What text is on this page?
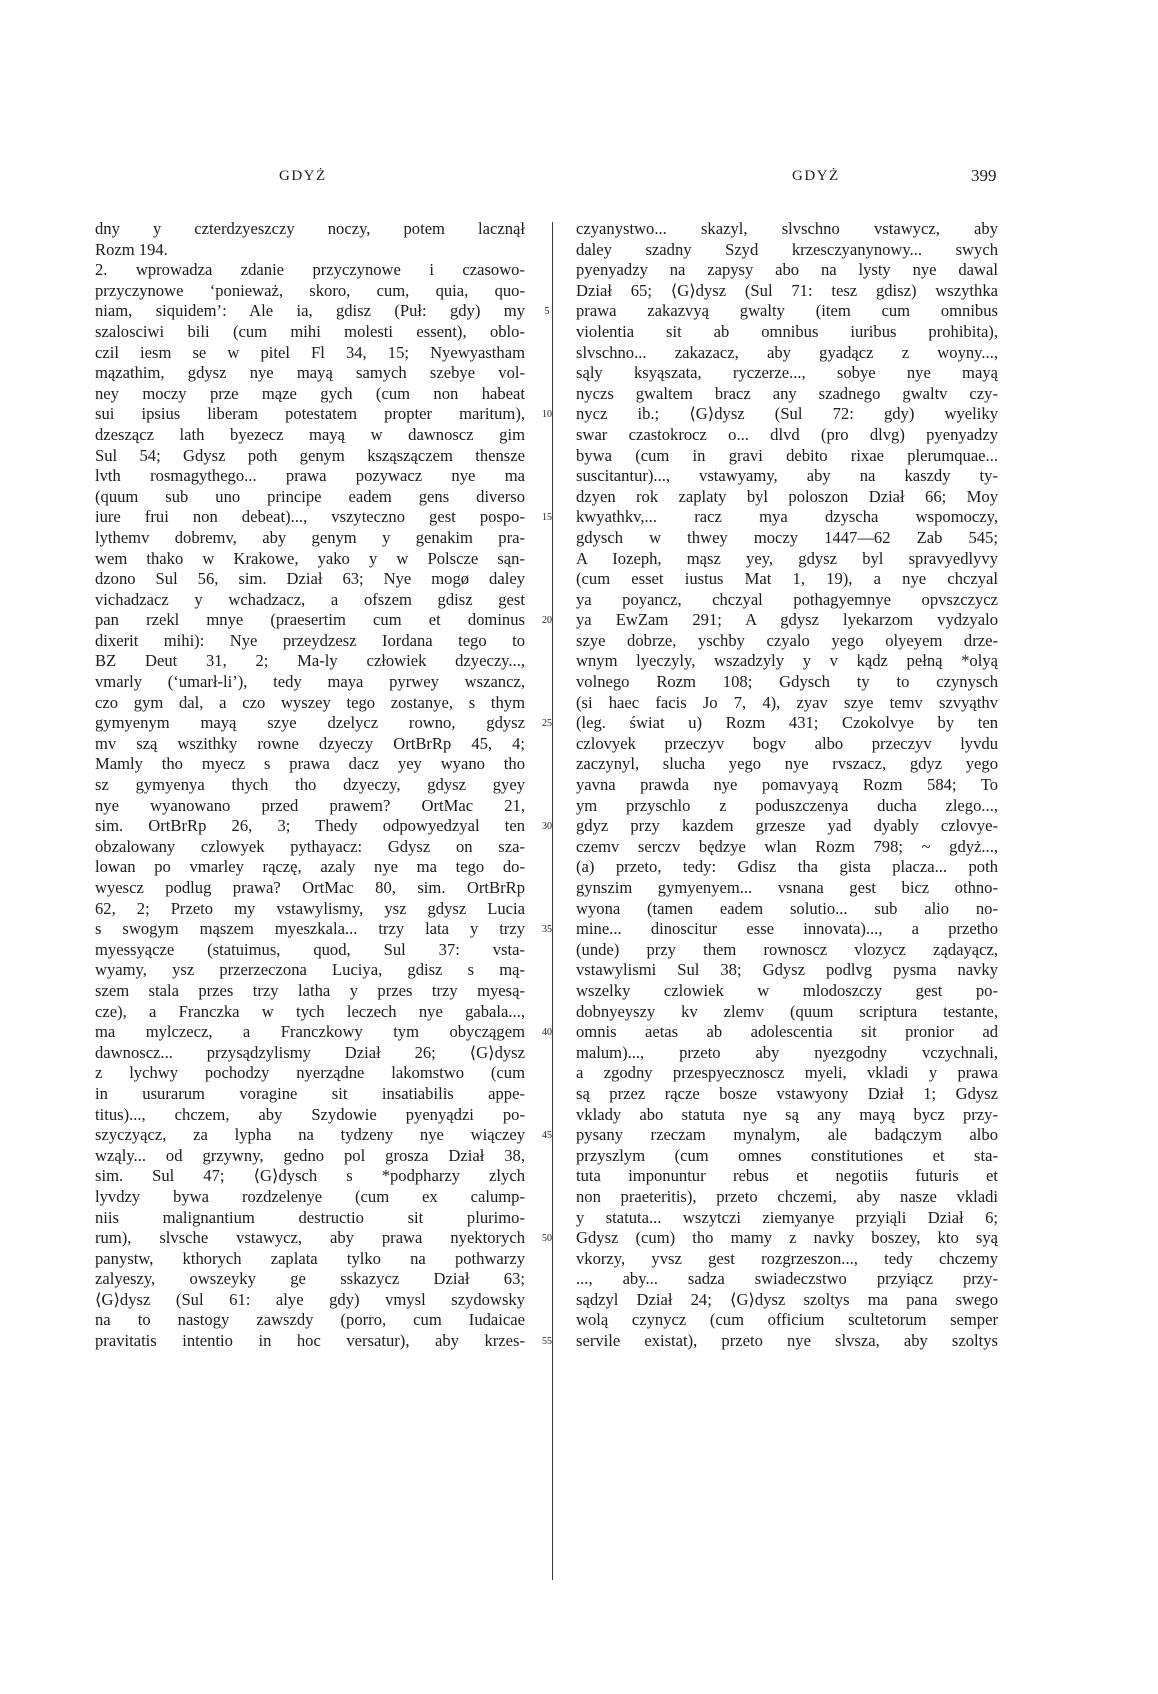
GDYŻ	GDYŻ	399
dny y czterdzyeszczy noczy, potem lacznął
Rozm 194.
2. wprowadza zdanie przyczynowe i czasowo-
przyczynowe ‘ponieważ, skoro, cum, quia, quo-
niam, siquidem’: Ale ia, gdisz (Puł: gdy) my
szalosciwi bili (cum mihi molesti essent), oblo-
czil iesm se w pitel Fl 34, 15; Nyewyastham
mązathim, gdysz nye mayą samych szebye vol-
ney moczy prze mąze gych (cum non habeat
sui ipsius liberam potestatem propter maritum),
dzeszącz lath byezecz mayą w dawnoscz gim
Sul 54; Gdysz poth genym ksząszączem thensze
lvth rosmagythego... prawa pozywacz nye ma
(quum sub uno principe eadem gens diverso
iure frui non debeat)..., vszyteczno gest pospo-
lythemv dobremv, aby genym y genakim pra-
wem thako w Krakowe, yako y w Polscze sąn-
dzono Sul 56, sim. Dział 63; Nye mogø daley
vichadzacz y wchadzacz, a ofszem gdisz gest
pan rzekl mnye (praesertim cum et dominus
dixerit mihi): Nye przeydzesz Iordana tego to
BZ Deut 31, 2; Ma-ly człowiek dzyeczy...,
vmarly (‘umarł-li’), tedy maya pyrwey wszancz,
czo gym dal, a czo wyszey tego zostanye, s thym
gymyenym mayą szye dzelycz rowno, gdysz
mv szą wszithky rowne dzyeczy OrtBrRp 45, 4;
Mamly tho myecz s prawa dacz yey wyano tho
sz gymyenya thych tho dzyeczy, gdysz gyey
nye wyanowano przed prawem? OrtMac 21,
sim. OrtBrRp 26, 3; Thedy odpowyedzyal ten
obzalowany czlowyek pythayacz: Gdysz on sza-
lowan po vmarley rączę, azaly nye ma tego do-
wyescz podlug prawa? OrtMac 80, sim. OrtBrRp
62, 2; Przeto my vstawylismy, ysz gdysz Lucia
s swogym mąszem myeszkala... trzy lata y trzy
myessyącze (statuimus, quod, Sul 37: vsta-
wyamy, ysz przerzeczona Luciya, gdisz s mą-
szem stala przes trzy latha y przes trzy myesą-
cze), a Franczka w tych leczech nye gabala...,
ma mylczecz, a Franczkowy tym obyczągem
dawnoscz... przysądzylismy Dział 26; ⟨G⟩dysz
z lychwy pochodzy nyerządne lakomstwo (cum
in usurarum voragine sit insatiabilis appe-
titus)..., chczem, aby Szydowie pyenyądzi po-
szyczyącz, za lypha na tydzeny nye wiączey
wząly... od grzywny, gedno pol grosza Dział 38,
sim. Sul 47; ⟨G⟩dysch s *podpharzy zlych
lyvdzy bywa rozdzelenye (cum ex calump-
niis malignantium destructio sit plurimo-
rum), slvsche vstawycz, aby prawa nyektorych
panystw, kthorych zaplata tylko na pothwarzy
zalyeszy, owszeyky ge sskazycz Dział 63;
⟨G⟩dysz (Sul 61: alye gdy) vmysl szydowsky
na to nastogy zawszdy (porro, cum Iudaicae
pravitatis intentio in hoc versatur), aby krzes-
5
10
15
20
25
30
35
40
45
50
55
czyanystwo... skazyl, slvschno vstawycz, aby
daley szadny Szyd krzesczyanynowy... swych
pyenyadzy na zapysy abo na lysty nye dawal
Dział 65; ⟨G⟩dysz (Sul 71: tesz gdisz) wszythka
prawa zakazvyą gwalty (item cum omnibus
violentia sit ab omnibus iuribus prohibita),
slvschno... zakazacz, aby gyadącz z woyny...,
sąly ksyąszata, ryczerze..., sobye nye mayą
nyczs gwaltem bracz any szadnego gwaltv czy-
nycz ib.; ⟨G⟩dysz (Sul 72: gdy) wyeliky
swar czastokrocz o... dlvd (pro dlvg) pyenyadzy
bywa (cum in gravi debito rixae plerumquae...
suscitantur)..., vstawyamy, aby na kaszdy ty-
dzyen rok zaplaty byl poloszon Dział 66; Moy
kwyathkv,... racz mya dzyscha wspomoczy,
gdysch w thwey moczy 1447—62 Zab 545;
A Iozeph, mąsz yey, gdysz byl spravyedlyvy
(cum esset iustus Mat 1, 19), a nye chczyal
ya poyancz, chczyal pothagyemnye opvszczycz
ya EwZam 291; A gdysz lyekarzom vydzyalo
szye dobrze, yschby czyalo yego olyeyem drze-
wnym lyeczyly, wszadzyly y v kądz pełną *olyą
volnego Rozm 108; Gdysch ty to czynysch
(si haec facis Jo 7, 4), zyav szye temv szvyąthv
(leg. świat u) Rozm 431; Czokolvye by ten
czlovyek przeczyv bogv albo przeczyv lyvdu
zaczynyl, slucha yego nye rvszacz, gdyz yego
yavna prawda nye pomavyayą Rozm 584; To
ym przyschlo z poduszczenya ducha zlego...,
gdyz przy kazdem grzesze yad dyably czlovye-
czemv serczv będzye wlan Rozm 798; ~ gdyż...,
(a) przeto, tedy: Gdisz tha gista placza... poth
gynszim gymyenyem... vsnana gest bicz othno-
wyona (tamen eadem solutio... sub alio no-
mine... dinoscitur esse innovata)..., a przetho
(unde) przy them rownoscz vlozycz ządayącz,
vstawylismi Sul 38; Gdysz podlvg pysma navky
wszelky czlowiek w mlodoszczy gest po-
dobnyeyszy kv zlemv (quum scriptura testante,
omnis aetas ab adolescentia sit pronior ad
malum)..., przeto aby nyezgodny vczychnali,
a zgodny przespyecznoscz myeli, vkladi y prawa
są przez rącze bosze vstawyony Dział 1; Gdysz
vklady abo statuta nye są any mayą bycz przy-
pysany rzeczam mynalym, ale badączym albo
przyszlym (cum omnes constitutiones et sta-
tuta imponuntur rebus et negotiis futuris et
non praeteritis), przeto chczemi, aby nasze vkladi
y statuta... wszytczi ziemyanye przyiąli Dział 6;
Gdysz (cum) tho mamy z navky boszey, kto syą
vkorzy, yvsz gest rozgrzeszon..., tedy chczemy
..., aby... sadza swiadeczstwo przyiącz przy-
sądzyl Dział 24; ⟨G⟩dysz szoltys ma pana swego
wolą czynycz (cum officium scultetorum semper
servile existat), przeto nye slvsza, aby szoltys
